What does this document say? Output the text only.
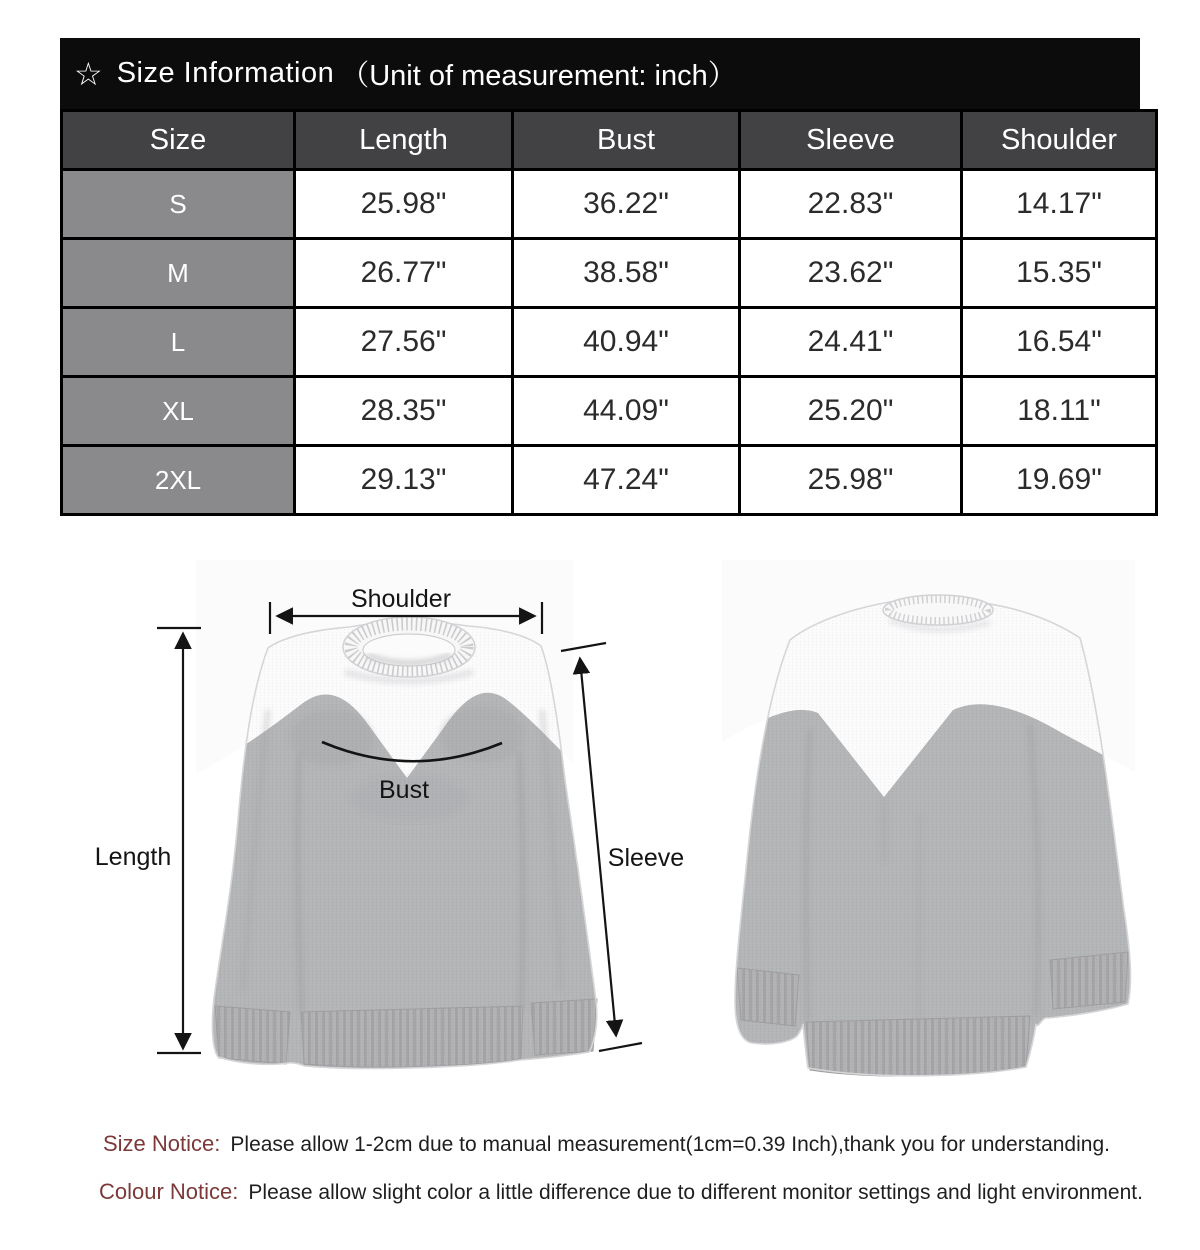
☆ Size Information （Unit of measurement: inch）
Size	Length	Bust	Sleeve	Shoulder
S	25.98"	36.22"	22.83"	14.17"
M	26.77"	38.58"	23.62"	15.35"
L	27.56"	40.94"	24.41"	16.54"
XL	28.35"	44.09"	25.20"	18.11"
2XL	29.13"	47.24"	25.98"	19.69"
Shoulder
Length	Sleeve
Bust
Size Notice: Please allow 1-2cm due to manual measurement(1cm=0.39 Inch),thank you for understanding.
Colour Notice: Please allow slight color a little difference due to different monitor settings and light environment.
